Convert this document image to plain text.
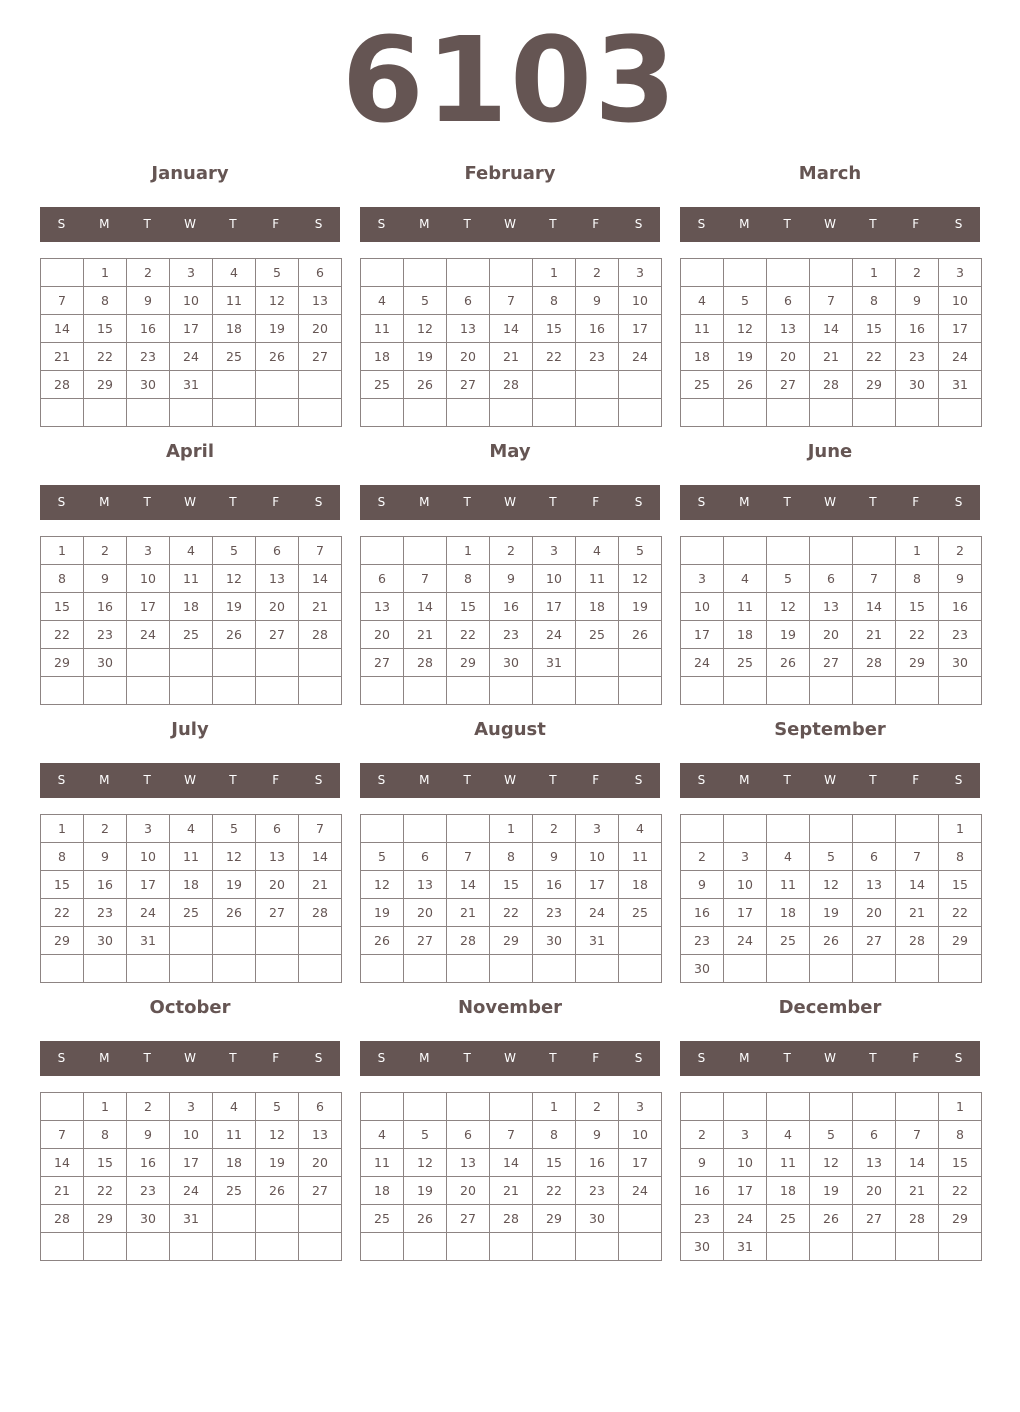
6103
January
S	M	T	W	T	F	S
	1	2	3	4	5	6
7	8	9	10	11	12	13
14	15	16	17	18	19	20
21	22	23	24	25	26	27
28	29	30	31			

February
S	M	T	W	T	F	S
				1	2	3
4	5	6	7	8	9	10
11	12	13	14	15	16	17
18	19	20	21	22	23	24
25	26	27	28			

March
S	M	T	W	T	F	S
				1	2	3
4	5	6	7	8	9	10
11	12	13	14	15	16	17
18	19	20	21	22	23	24
25	26	27	28	29	30	31

April
S	M	T	W	T	F	S
1	2	3	4	5	6	7
8	9	10	11	12	13	14
15	16	17	18	19	20	21
22	23	24	25	26	27	28
29	30					

May
S	M	T	W	T	F	S
		1	2	3	4	5
6	7	8	9	10	11	12
13	14	15	16	17	18	19
20	21	22	23	24	25	26
27	28	29	30	31		

June
S	M	T	W	T	F	S
					1	2
3	4	5	6	7	8	9
10	11	12	13	14	15	16
17	18	19	20	21	22	23
24	25	26	27	28	29	30

July
S	M	T	W	T	F	S
1	2	3	4	5	6	7
8	9	10	11	12	13	14
15	16	17	18	19	20	21
22	23	24	25	26	27	28
29	30	31				

August
S	M	T	W	T	F	S
			1	2	3	4
5	6	7	8	9	10	11
12	13	14	15	16	17	18
19	20	21	22	23	24	25
26	27	28	29	30	31	

September
S	M	T	W	T	F	S
						1
2	3	4	5	6	7	8
9	10	11	12	13	14	15
16	17	18	19	20	21	22
23	24	25	26	27	28	29
30						
October
S	M	T	W	T	F	S
	1	2	3	4	5	6
7	8	9	10	11	12	13
14	15	16	17	18	19	20
21	22	23	24	25	26	27
28	29	30	31			

November
S	M	T	W	T	F	S
				1	2	3
4	5	6	7	8	9	10
11	12	13	14	15	16	17
18	19	20	21	22	23	24
25	26	27	28	29	30	

December
S	M	T	W	T	F	S
						1
2	3	4	5	6	7	8
9	10	11	12	13	14	15
16	17	18	19	20	21	22
23	24	25	26	27	28	29
30	31					
